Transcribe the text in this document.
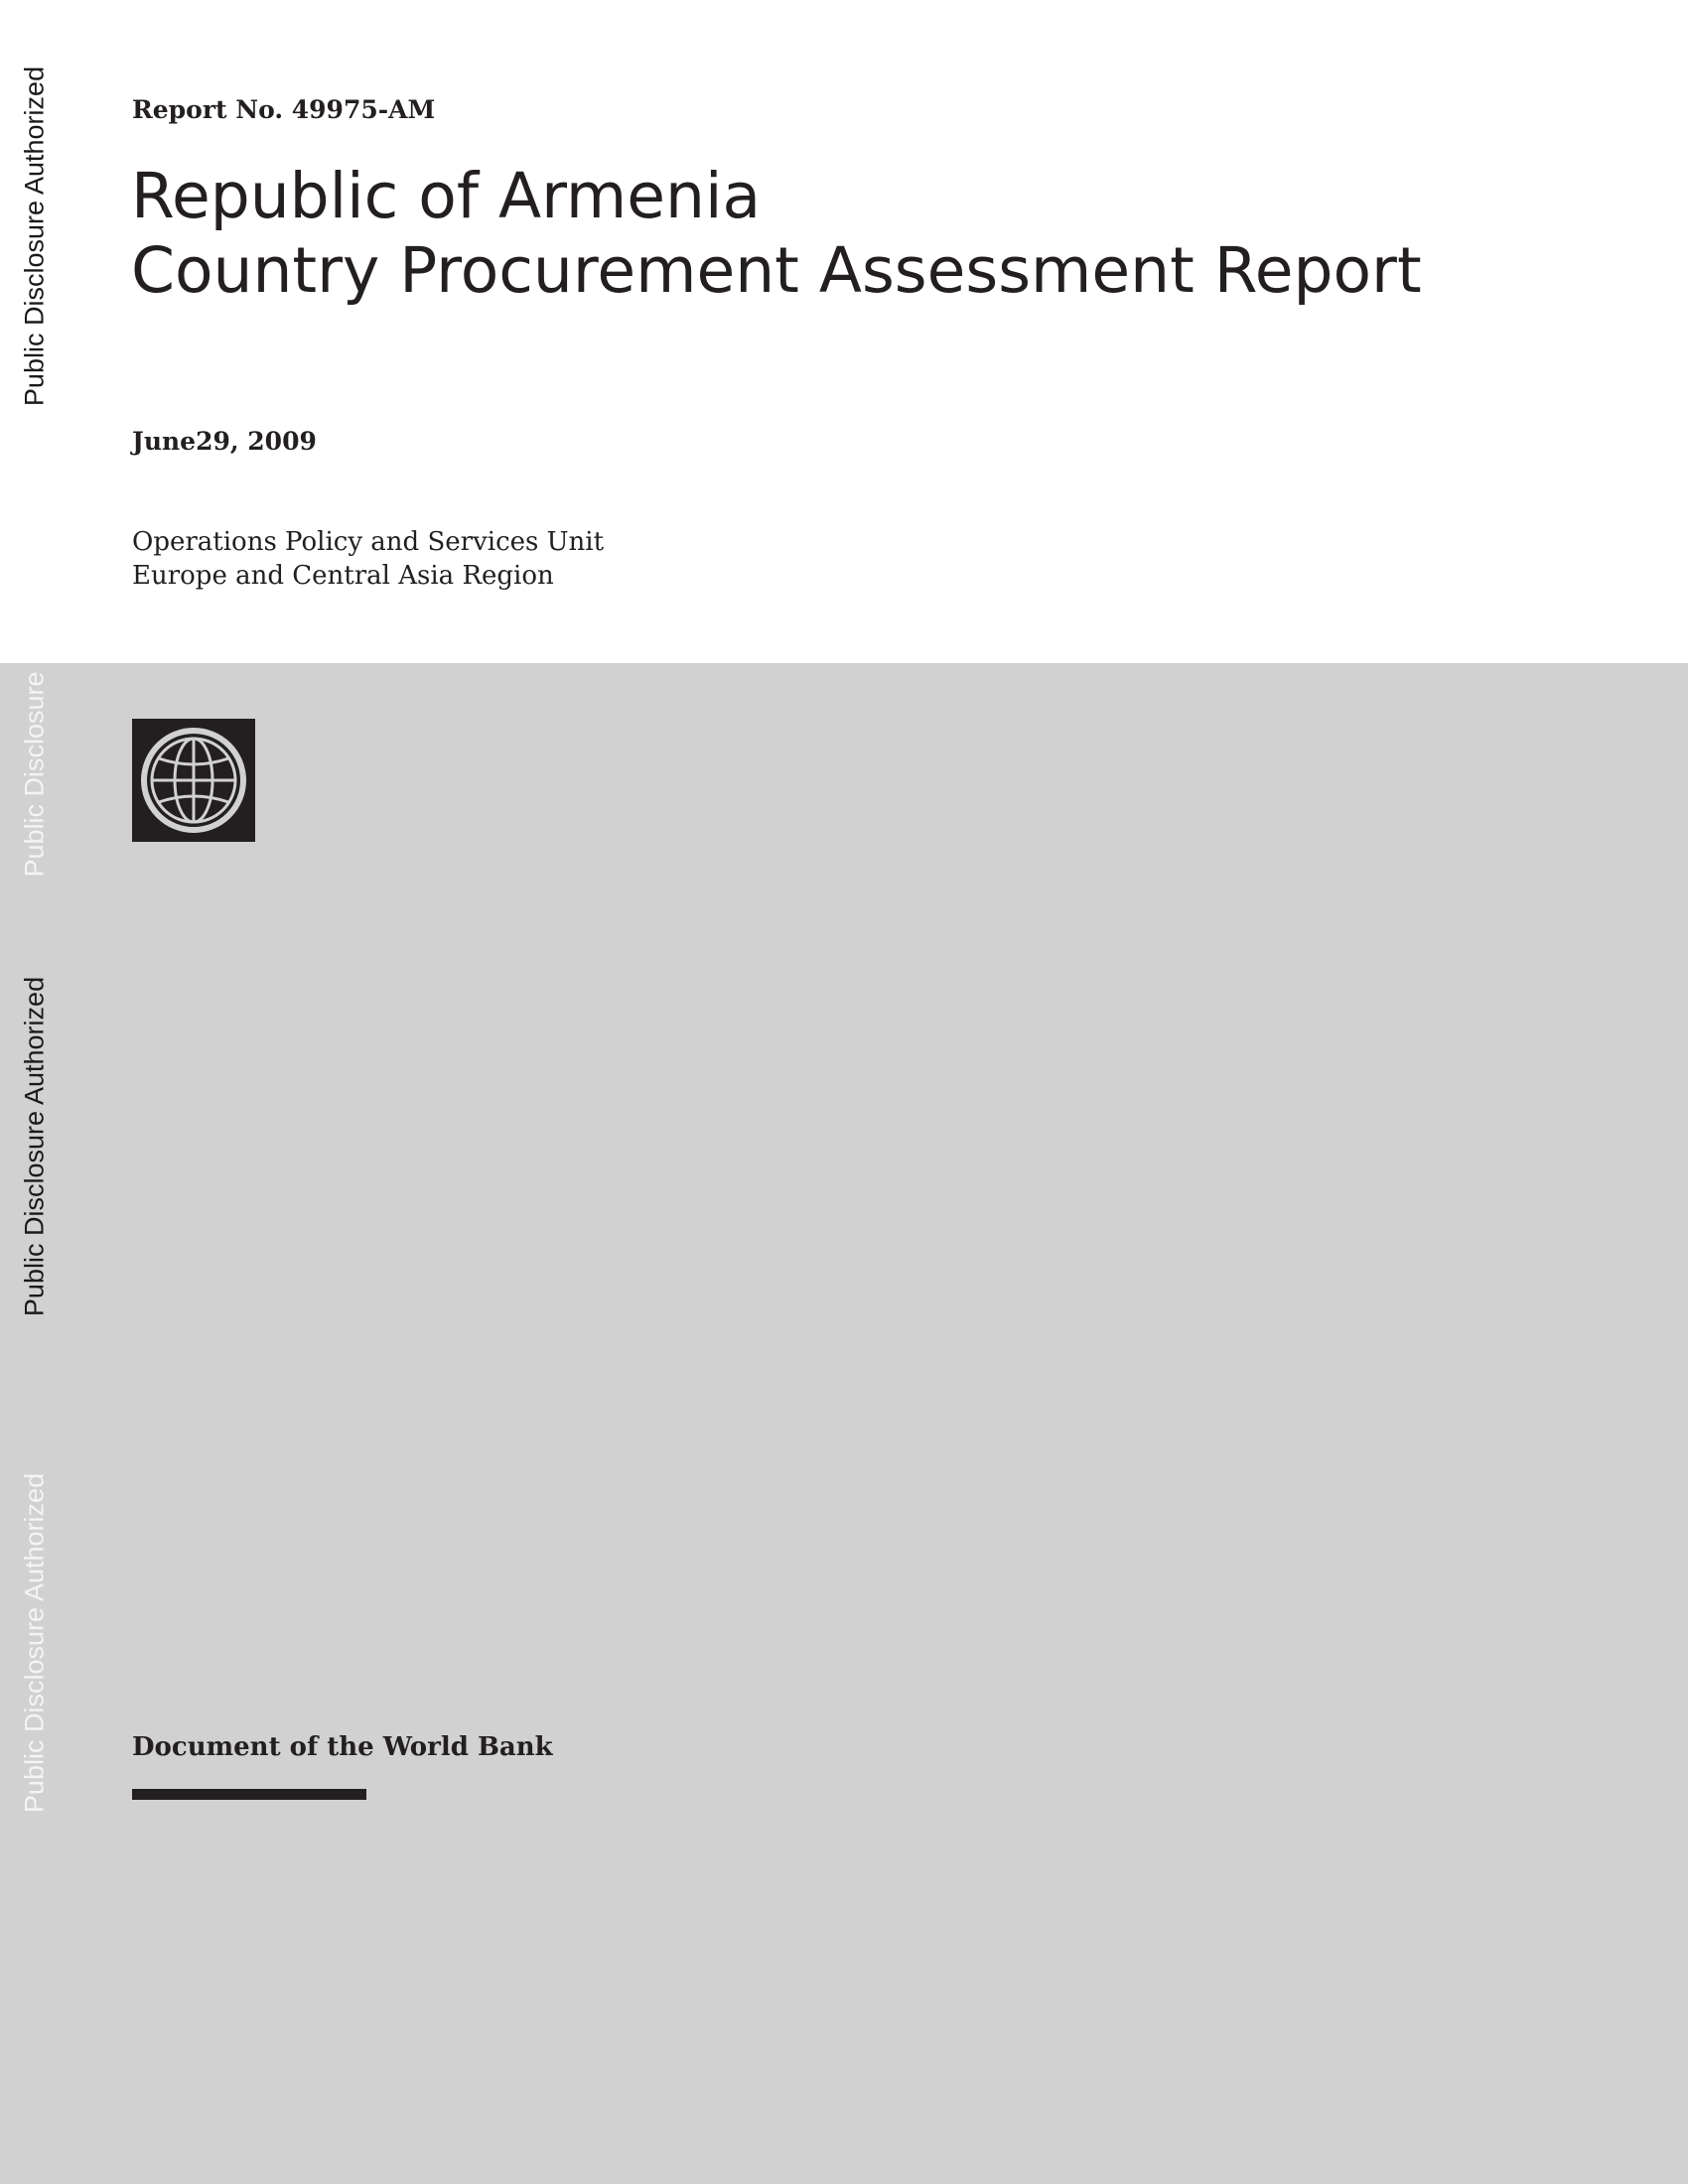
Public Disclosure Authorized
Public Disclosure
Public Disclosure Authorized
Public Disclosure Authorized
Report No. 49975-AM
Republic of Armenia
Country Procurement Assessment Report
June29, 2009
Operations Policy and Services Unit
Europe and Central Asia Region
Document of the World Bank
